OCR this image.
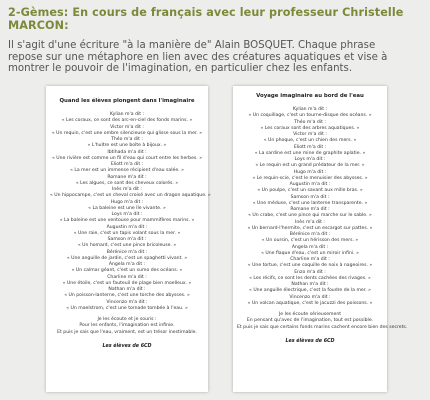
2-Gèmes: En cours de français avec leur professeur Christelle MARCON:

Il s'agit d'une écriture "à la manière de" Alain BOSQUET. Chaque phrase repose sur une métaphore en lien avec des créatures aquatiques et vise à montrer le pouvoir de l'imagination, en particulier chez les enfants.

Quand les élèves plongent dans l'imaginaire
Kylian m'a dit :
« Les coraux, ce sont des arc-en-ciel des fonds marins. »
Victor m'a dit :
« Un requin, c'est une ombre silencieuse qui glisse sous la mer. »
Théo m'a dit :
« L'huître est une boîte à bijoux. »
Ibtihada m'a dit :
« Une rivière est comme un fil d'eau qui court entre les herbes. »
Eliott m'a dit :
« La mer est un immense récipient d'eau salée. »
Romane m'a dit :
« Les algues, ce sont des cheveux colorés. »
Inès m'a dit :
« Un hippocampe, c'est un cheval croisé avec un dragon aquatique. »
Hugo m'a dit :
« La baleine est une île vivante. »
Loys m'a dit :
« La baleine est une ventouse pour mammifères marins. »
Augustin m'a dit :
« Une raie, c'est un tapis volant sous la mer. »
Samson m'a dit :
« Un homard, c'est une pince bricoleuse. »
Bérénice m'a dit :
« Une anguille de jardin, c'est un spaghetti vivant. »
Angela m'a dit :
« Un calmar géant, c'est un sumo des océans. »
Charline m'a dit :
« Une étoile, c'est un fauteuil de plage bien moelleux. »
Nathan m'a dit :
« Un poisson-lanterne, c'est une torche des abysses. »
Vincenzo m'a dit :
« Un maelstrom, c'est une tornade tombée à l'eau. »
Je les écoute et je souris :
Pour les enfants, l'imagination est infinie.
Et puis je sais que l'eau, vraiment, est un trésor inestimable.
Les élèves de 6CD
Voyage imaginaire au bord de l'eau
Kylian m'a dit :
« Un coquillage, c'est un tourne-disque des océans. »
Théo m'a dit :
« Les coraux sont des arbres aquatiques. »
Victor m'a dit :
« Un phoque, c'est un chien des mers. »
Eliott m'a dit :
« La sardine est une mine de graphite aplatie. »
Loys m'a dit :
« Le requin est un grand prédateur de la mer. »
Hugo m'a dit :
« Le requin-scie, c'est le menuisier des abysses. »
Augustin m'a dit :
« Un poulpe, c'est un savant aux mille bras. »
Samson m'a dit :
« Une méduse, c'est une lanterne transparente. »
Romane m'a dit :
« Un crabe, c'est une pince qui marche sur le sable. »
Inès m'a dit :
« Un bernard-l'hermite, c'est un escargot sur pattes. »
Bérénice m'a dit :
« Un oursin, c'est un hérisson des mers. »
Angela m'a dit :
« Une flaque d'eau, c'est un miroir infini. »
Charline m'a dit :
« Une tortue, c'est une coquille de noix à nageoires. »
Enzo m'a dit :
« Les récifs, ce sont les dents cachées des rivages. »
Nathan m'a dit :
« Une anguille électrique, c'est la foudre de la mer. »
Vincenzo m'a dit :
« Un volcan aquatique, c'est le jacuzzi des poissons. »
Je les écoute sérieusement
En pensant qu'avec de l'imagination, tout est possible.
Et puis je sais que certains fonds marins cachent encore bien des secrets.
Les élèves de 6CD
